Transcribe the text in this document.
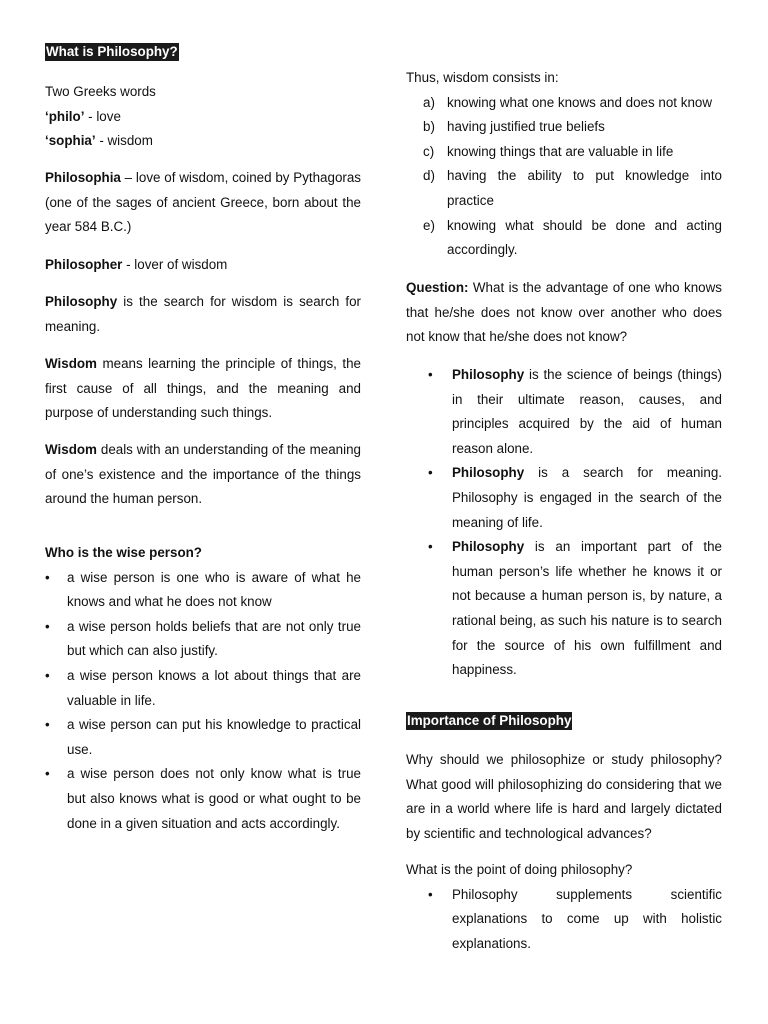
What is Philosophy?
Two Greeks words
‘philo’ - love
‘sophia’ - wisdom

Philosophia – love of wisdom, coined by Pythagoras (one of the sages of ancient Greece, born about the year 584 B.C.)

Philosopher - lover of wisdom

Philosophy is the search for wisdom is search for meaning.

Wisdom means learning the principle of things, the first cause of all things, and the meaning and purpose of understanding such things.

Wisdom deals with an understanding of the meaning of one’s existence and the importance of the things around the human person.

Who is the wise person?
• a wise person is one who is aware of what he knows and what he does not know
• a wise person holds beliefs that are not only true but which can also justify.
• a wise person knows a lot about things that are valuable in life.
• a wise person can put his knowledge to practical use.
• a wise person does not only know what is true but also knows what is good or what ought to be done in a given situation and acts accordingly.
Thus, wisdom consists in:
a) knowing what one knows and does not know
b) having justified true beliefs
c) knowing things that are valuable in life
d) having the ability to put knowledge into practice
e) knowing what should be done and acting accordingly.

Question: What is the advantage of one who knows that he/she does not know over another who does not know that he/she does not know?

• Philosophy is the science of beings (things) in their ultimate reason, causes, and principles acquired by the aid of human reason alone.
• Philosophy is a search for meaning. Philosophy is engaged in the search of the meaning of life.
• Philosophy is an important part of the human person’s life whether he knows it or not because a human person is, by nature, a rational being, as such his nature is to search for the source of his own fulfillment and happiness.
Importance of Philosophy

Why should we philosophize or study philosophy? What good will philosophizing do considering that we are in a world where life is hard and largely dictated by scientific and technological advances?

What is the point of doing philosophy?
• Philosophy supplements scientific explanations to come up with holistic explanations.
